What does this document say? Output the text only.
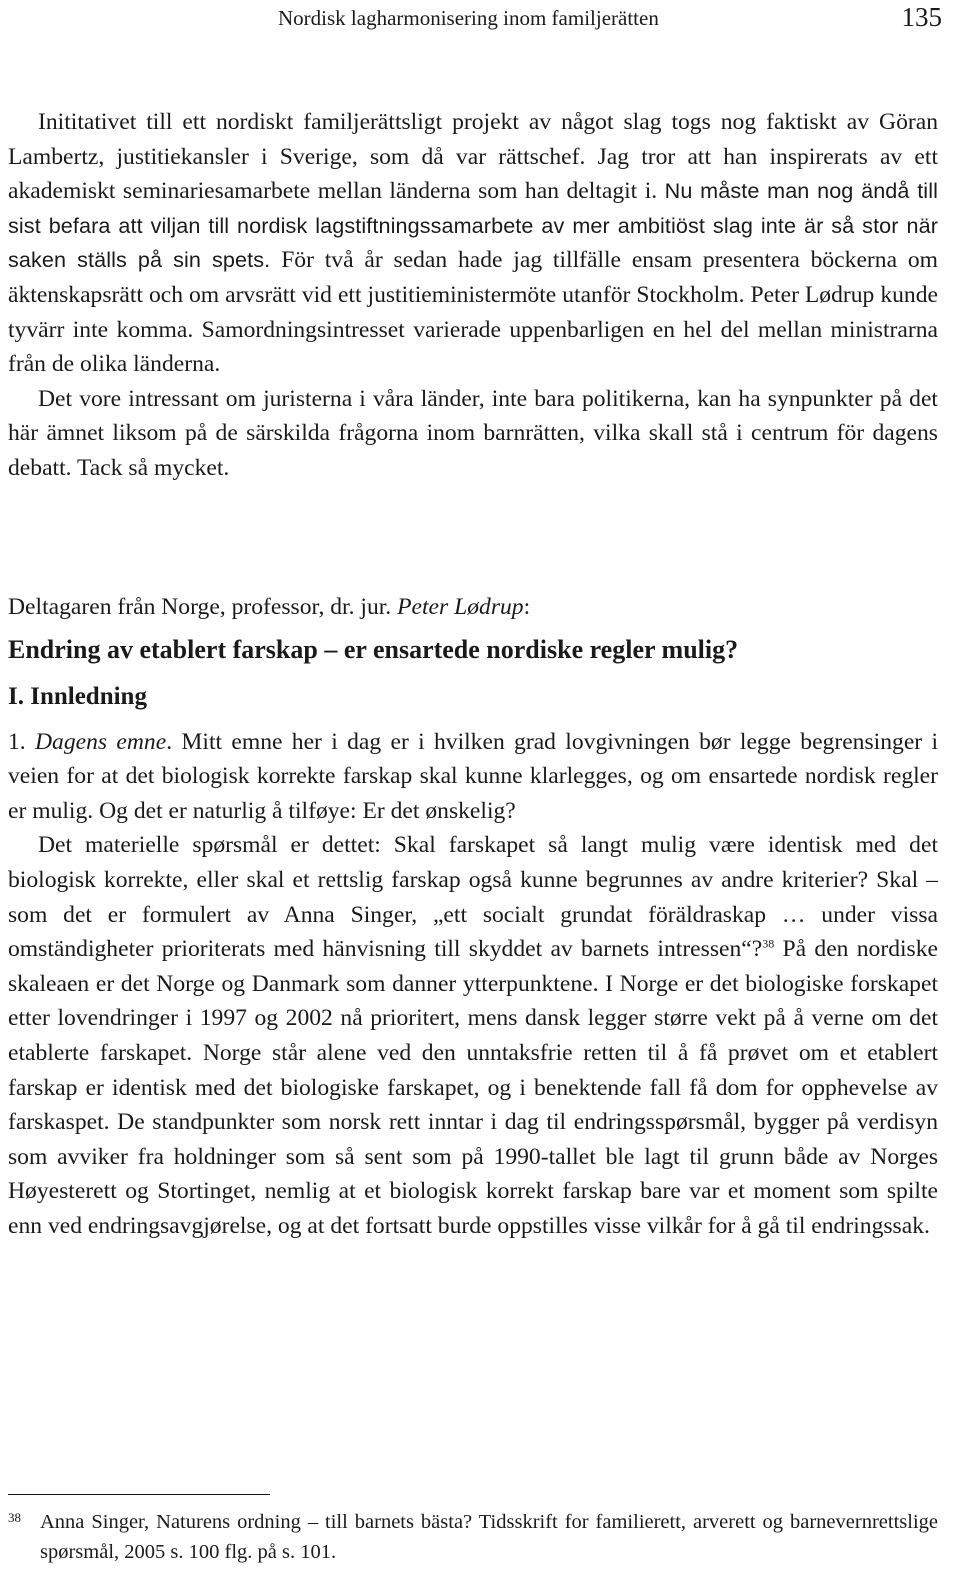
Nordisk lagharmonisering inom familjerätten	135

Inititativet till ett nordiskt familjerättsligt projekt av något slag togs nog faktiskt av Göran Lambertz, justitiekansler i Sverige, som då var rättschef. Jag tror att han inspirerats av ett akademiskt seminariesamarbete mellan länderna som han deltagit i. Nu måste man nog ändå till sist befara att viljan till nordisk lagstiftningssamarbete av mer ambitiöst slag inte är så stor när saken ställs på sin spets. För två år sedan hade jag tillfälle ensam presentera böckerna om äktenskapsrätt och om arvsrätt vid ett justitieministermöte utanför Stockholm. Peter Lødrup kunde tyvärr inte komma. Samordningsintresset varierade uppenbarligen en hel del mellan ministrarna från de olika länderna.

Det vore intressant om juristerna i våra länder, inte bara politikerna, kan ha synpunkter på det här ämnet liksom på de särskilda frågorna inom barnrätten, vilka skall stå i centrum för dagens debatt. Tack så mycket.

Deltagaren från Norge, professor, dr. jur. Peter Lødrup:

Endring av etablert farskap – er ensartede nordiske regler mulig?
I. Innledning

1. Dagens emne. Mitt emne her i dag er i hvilken grad lovgivningen bør legge begrensinger i veien for at det biologisk korrekte farskap skal kunne klarlegges, og om ensartede nordisk regler er mulig. Og det er naturlig å tilføye: Er det ønskelig?

Det materielle spørsmål er dettet: Skal farskapet så langt mulig være identisk med det biologisk korrekte, eller skal et rettslig farskap også kunne begrunnes av andre kriterier? Skal – som det er formulert av Anna Singer, „ett socialt grundat föräldraskap … under vissa omständigheter prioriterats med hänvisning till skyddet av barnets intressen“?$^{38}$ På den nordiske skaleaen er det Norge og Danmark som danner ytterpunktene. I Norge er det biologiske forskapet etter lovendringer i 1997 og 2002 nå prioritert, mens dansk legger større vekt på å verne om det etablerte farskapet. Norge står alene ved den unntaksfrie retten til å få prøvet om et etablert farskap er identisk med det biologiske farskapet, og i benektende fall få dom for opphevelse av farskaspet. De standpunkter som norsk rett inntar i dag til endringsspørsmål, bygger på verdisyn som avviker fra holdninger som så sent som på 1990-tallet ble lagt til grunn både av Norges Høyesterett og Stortinget, nemlig at et biologisk korrekt farskap bare var et moment som spilte enn ved endringsavgjørelse, og at det fortsatt burde oppstilles visse vilkår for å gå til endringssak.

38 Anna Singer, Naturens ordning – till barnets bästa? Tidsskrift for familierett, arverett og barnevernrettslige spørsmål, 2005 s. 100 flg. på s. 101.
